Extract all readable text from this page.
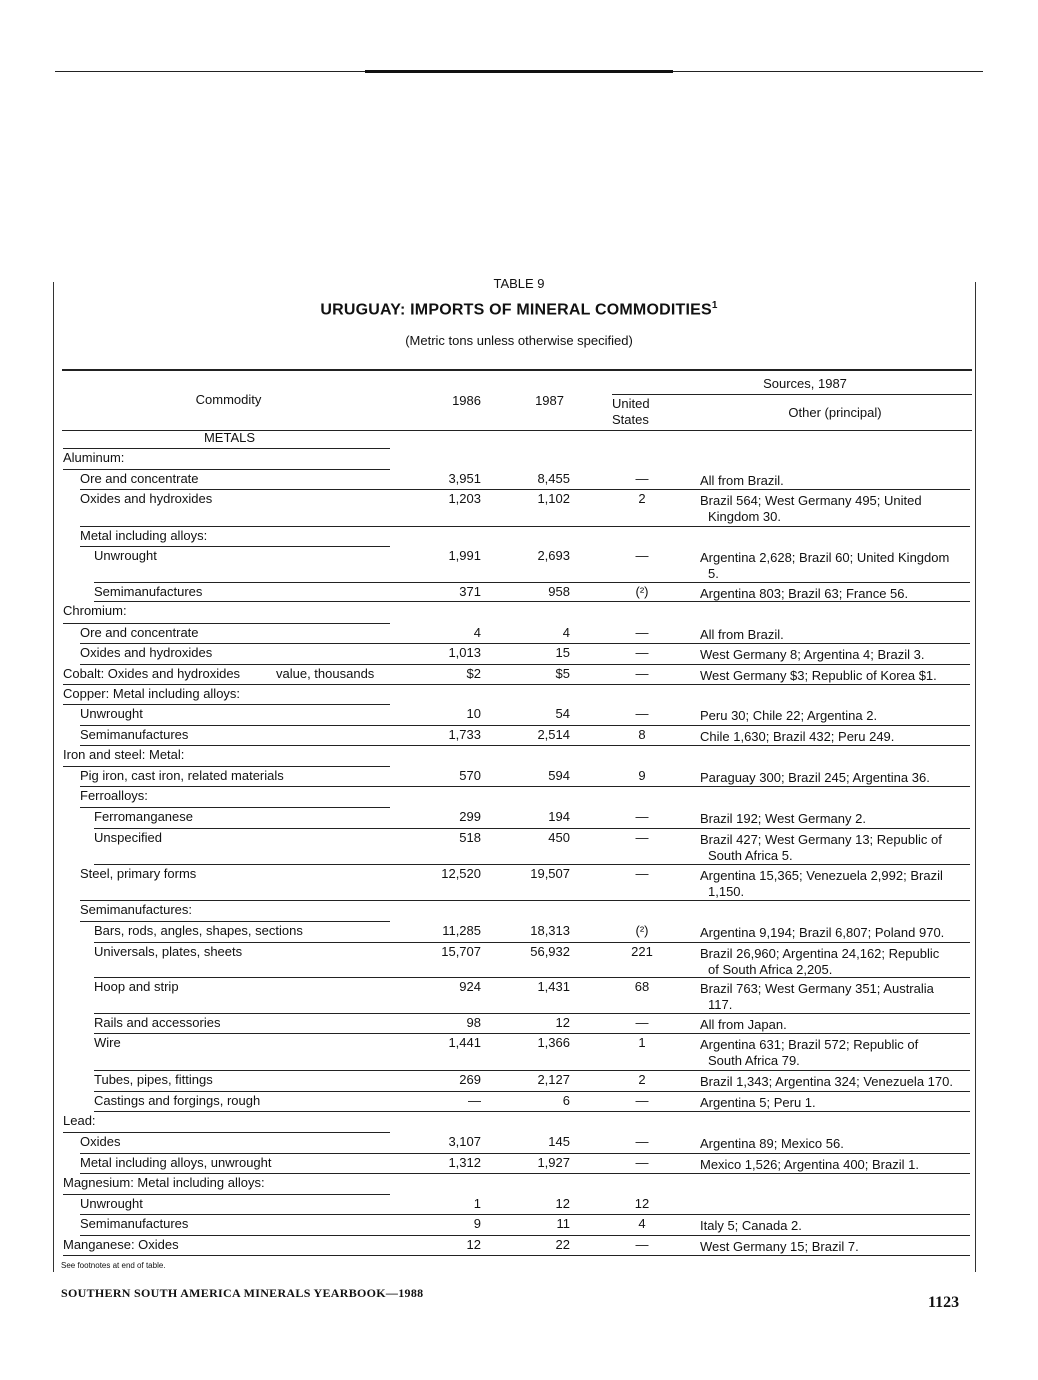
TABLE 9
URUGUAY: IMPORTS OF MINERAL COMMODITIES$^1$
(Metric tons unless otherwise specified)
Commodity	1986	1987
Sources, 1987
United States	Other (principal)
METALS
Aluminum:
Ore and concentrate	3,951	8,455	—	All from Brazil.
Oxides and hydroxides	1,203	1,102	2	Brazil 564; West Germany 495; United
Kingdom 30.
Metal including alloys:
Unwrought	1,991	2,693	—	Argentina 2,628; Brazil 60; United Kingdom
5.
Semimanufactures	371	958	(²)	Argentina 803; Brazil 63; France 56.
Chromium:
Ore and concentrate	4	4	—	All from Brazil.
Oxides and hydroxides	1,013	15	—	West Germany 8; Argentina 4; Brazil 3.
Cobalt: Oxides and hydroxides	value, thousands	$2	$5	—	West Germany $3; Republic of Korea $1.
Copper: Metal including alloys:
Unwrought	10	54	—	Peru 30; Chile 22; Argentina 2.
Semimanufactures	1,733	2,514	8	Chile 1,630; Brazil 432; Peru 249.
Iron and steel: Metal:
Pig iron, cast iron, related materials	570	594	9	Paraguay 300; Brazil 245; Argentina 36.
Ferroalloys:
Ferromanganese	299	194	—	Brazil 192; West Germany 2.
Unspecified	518	450	—	Brazil 427; West Germany 13; Republic of
South Africa 5.
Steel, primary forms	12,520	19,507	—	Argentina 15,365; Venezuela 2,992; Brazil
1,150.
Semimanufactures:
Bars, rods, angles, shapes, sections	11,285	18,313	(²)	Argentina 9,194; Brazil 6,807; Poland 970.
Universals, plates, sheets	15,707	56,932	221	Brazil 26,960; Argentina 24,162; Republic
of South Africa 2,205.
Hoop and strip	924	1,431	68	Brazil 763; West Germany 351; Australia
117.
Rails and accessories	98	12	—	All from Japan.
Wire	1,441	1,366	1	Argentina 631; Brazil 572; Republic of
South Africa 79.
Tubes, pipes, fittings	269	2,127	2	Brazil 1,343; Argentina 324; Venezuela 170.
Castings and forgings, rough	—	6	—	Argentina 5; Peru 1.
Lead:
Oxides	3,107	145	—	Argentina 89; Mexico 56.
Metal including alloys, unwrought	1,312	1,927	—	Mexico 1,526; Argentina 400; Brazil 1.
Magnesium: Metal including alloys:
Unwrought	1	12	12
Semimanufactures	9	11	4	Italy 5; Canada 2.
Manganese: Oxides	12	22	—	West Germany 15; Brazil 7.
See footnotes at end of table.
SOUTHERN SOUTH AMERICA MINERALS YEARBOOK—1988
1123
